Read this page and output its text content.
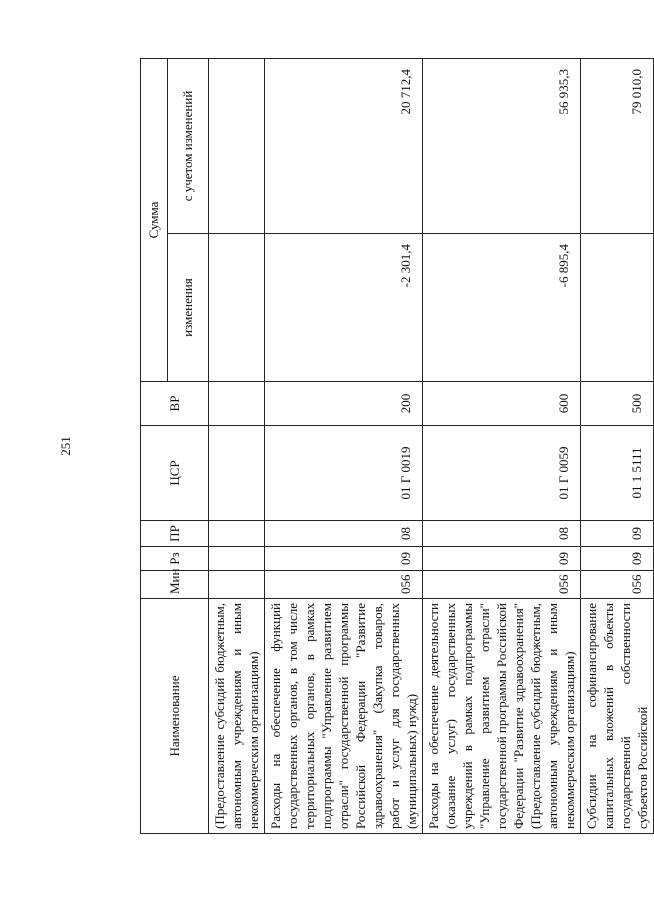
251
Наименование	Мин	Рз	ПР	ЦСР	ВР	Сумма	
						изменения	с учетом изменений
(Предоставление субсидий бюджетным, автономным учреждениям и иным некоммерческим организациям)							
Расходы на обеспечение функций государственных органов, в том числе территориальных органов, в рамках подпрограммы "Управление развитием отрасли" государственной программы Российской Федерации "Развитие здравоохранения" (Закупка товаров, работ и услуг для государственных (муниципальных) нужд)	056	09	08	01 Г 0019	200	-2 301,4	20 712,4
Расходы на обеспечение деятельности (оказание услуг) государственных учреждений в рамках подпрограммы "Управление развитием отрасли" государственной программы Российской Федерации "Развитие здравоохранения" (Предоставление субсидий бюджетным, автономным учреждениям и иным некоммерческим организациям)	056	09	08	01 Г 0059	600	-6 895,4	56 935,3
Субсидии на софинансирование капитальных вложений в объекты государственной собственности субъектов Российской	056	09	09	01 1 5111	500		79 010,0
